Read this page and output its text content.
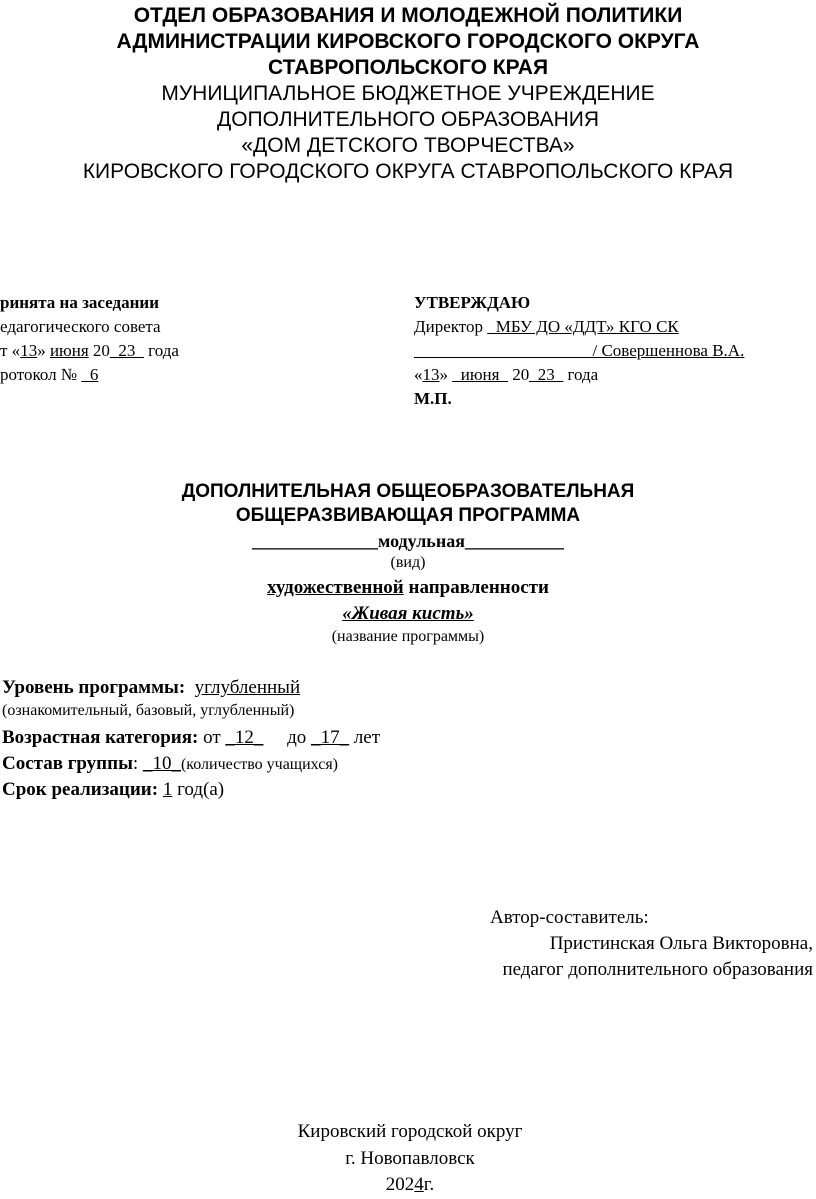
ОТДЕЛ ОБРАЗОВАНИЯ И МОЛОДЕЖНОЙ ПОЛИТИКИ
АДМИНИСТРАЦИИ КИРОВСКОГО ГОРОДСКОГО ОКРУГА
СТАВРОПОЛЬСКОГО КРАЯ
МУНИЦИПАЛЬНОЕ БЮДЖЕТНОЕ УЧРЕЖДЕНИЕ
ДОПОЛНИТЕЛЬНОГО ОБРАЗОВАНИЯ
«ДОМ ДЕТСКОГО ТВОРЧЕСТВА»
КИРОВСКОГО ГОРОДСКОГО ОКРУГА СТАВРОПОЛЬСКОГО КРАЯ
ринята на заседании
едагогического совета
т «13» июня 20_23_ года
ротокол № _6
УТВЕРЖДАЮ
Директор _МБУ ДО «ДДТ» КГО СК
_____________________/ Совершеннова В.А.
«13» _июня_ 20_23_ года
М.П.
ДОПОЛНИТЕЛЬНАЯ ОБЩЕОБРАЗОВАТЕЛЬНАЯ
ОБЩЕРАЗВИВАЮЩАЯ ПРОГРАММА
______________модульная___________
(вид)
художественной направленности
«Живая кисть»
(название программы)
Уровень программы: углубленный
(ознакомительный, базовый, углубленный)
Возрастная категория: от _12_ до _17_ лет
Состав группы: _10_(количество учащихся)
Срок реализации: 1 год(а)
Автор-составитель:
Пристинская Ольга Викторовна,
педагог дополнительного образования
Кировский городской округ
г. Новопавловск
2024г.
